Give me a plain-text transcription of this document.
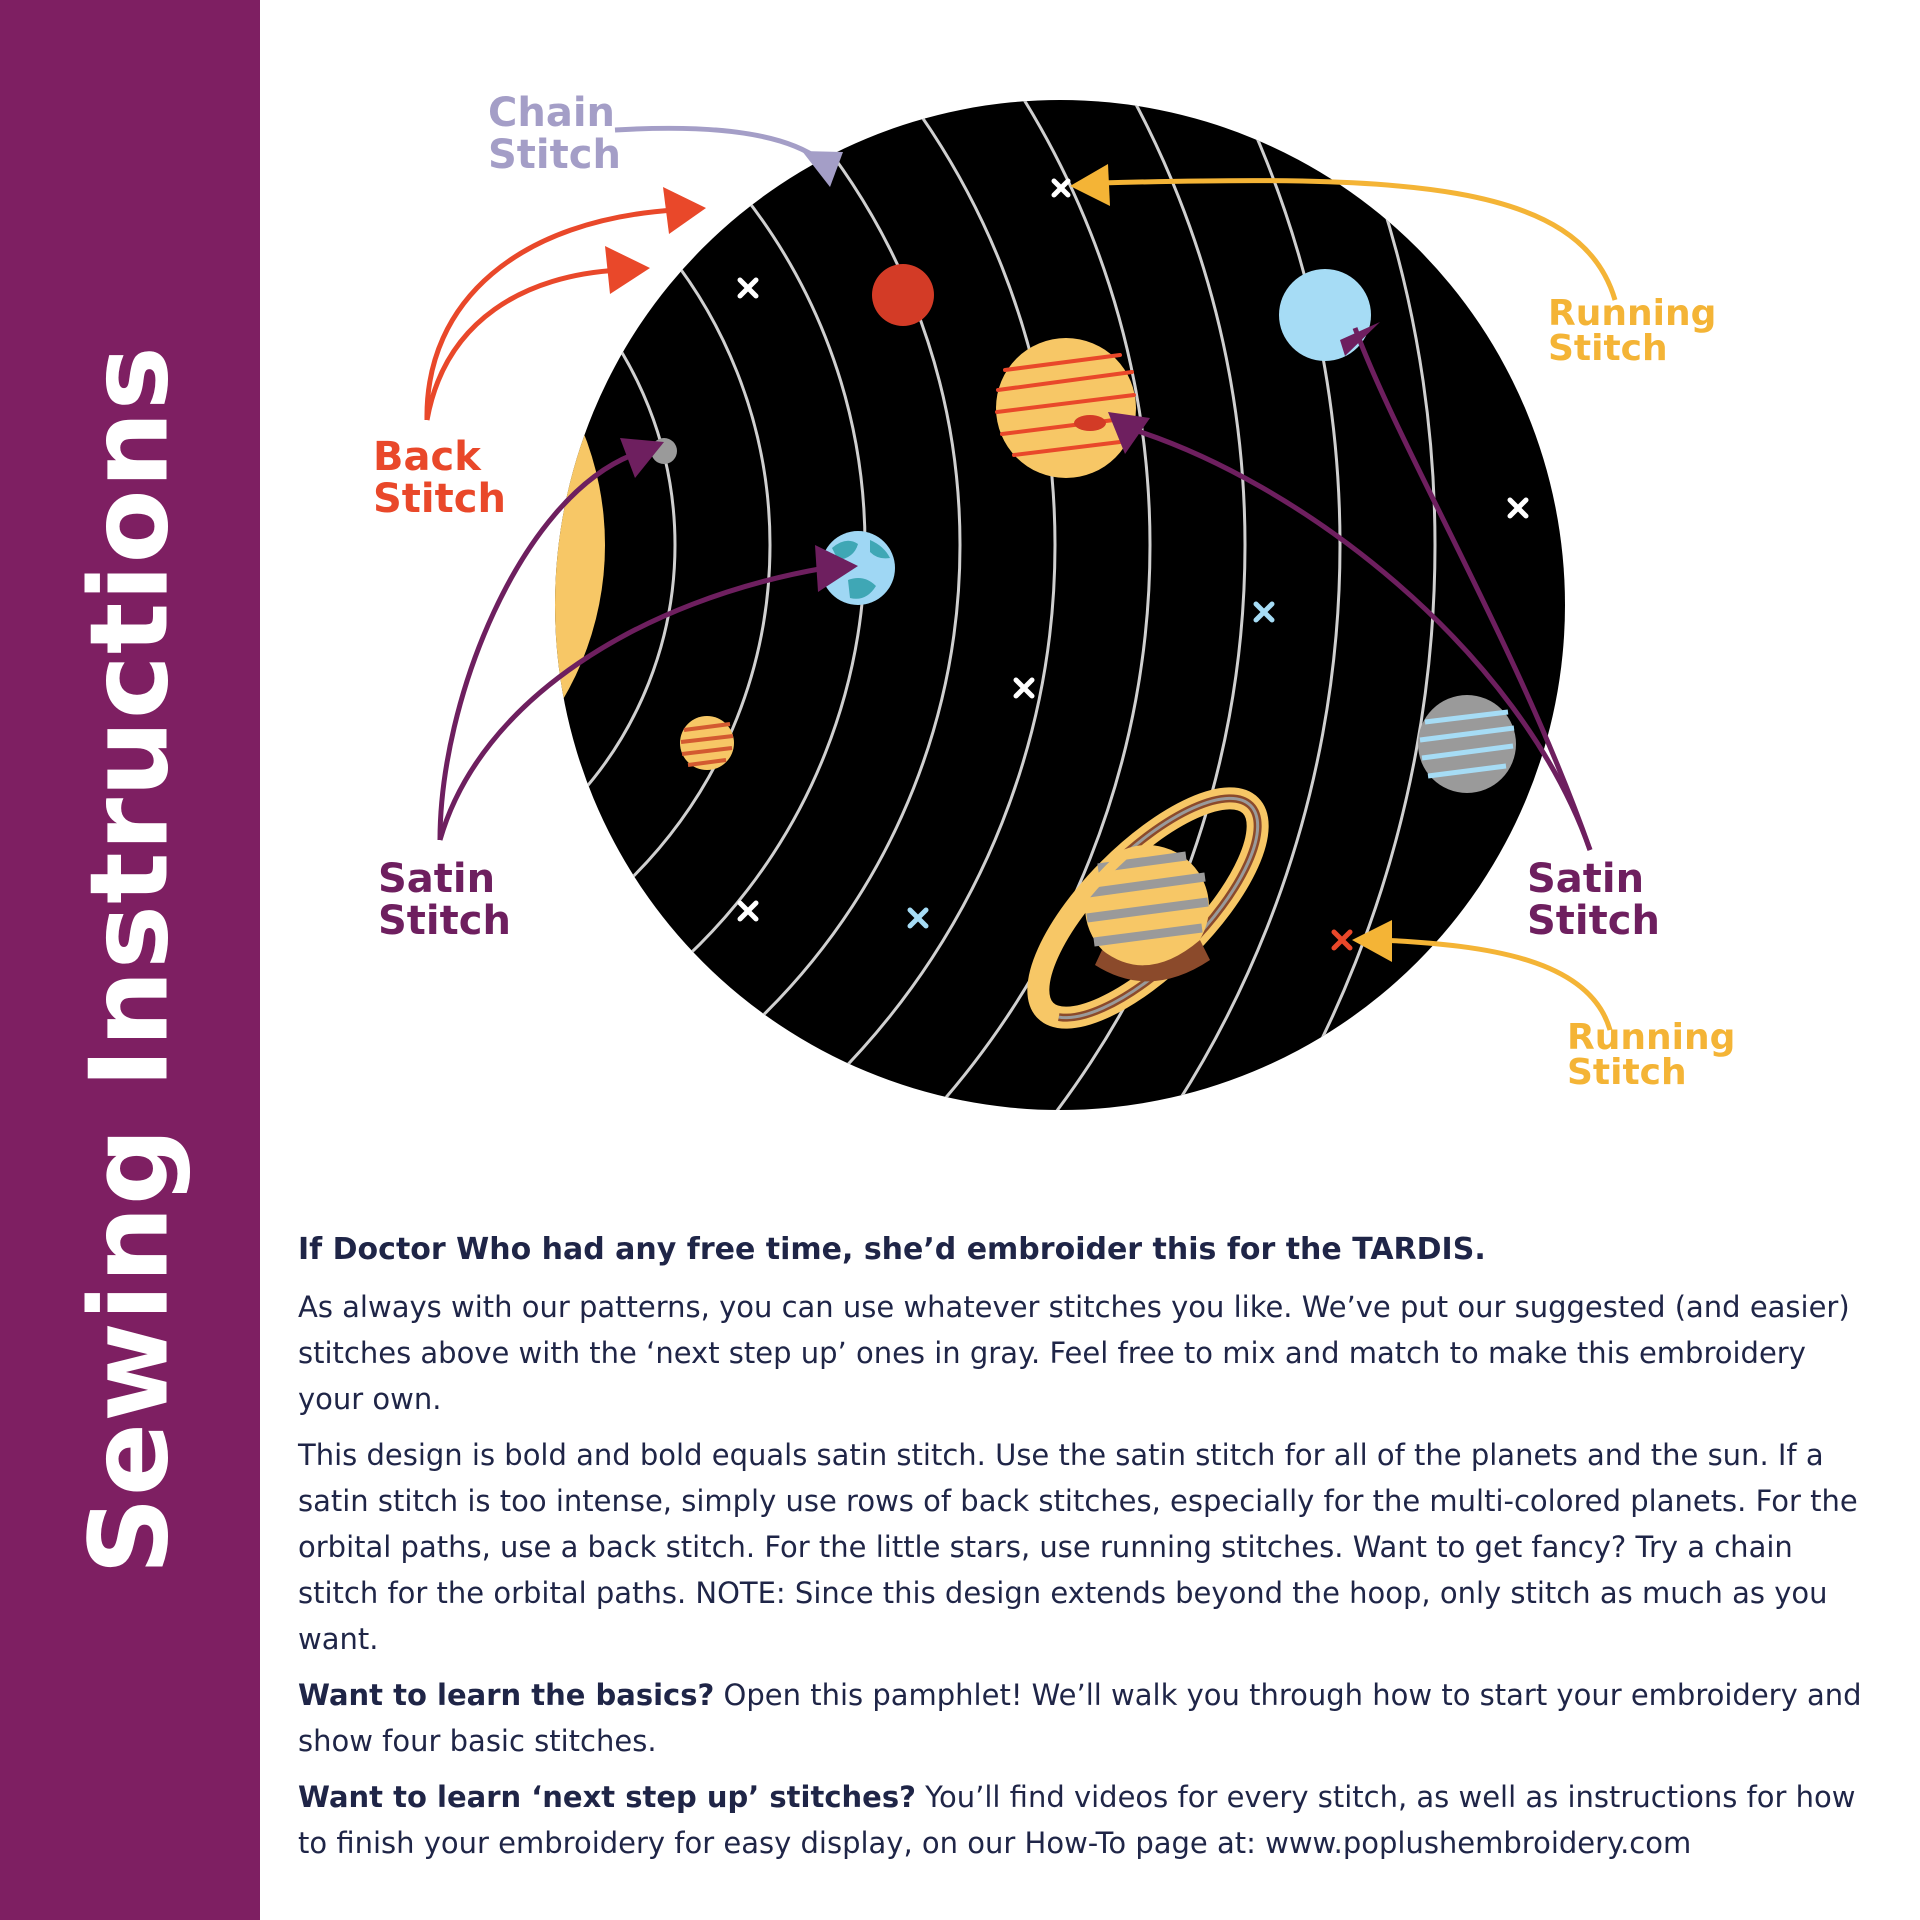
Sewing Instructions
Chain
Stitch
Back
Stitch
Satin
Stitch
Running
Stitch
Satin
Stitch
Running
Stitch
If Doctor Who had any free time, she’d embroider this for the TARDIS.

As always with our patterns, you can use whatever stitches you like. We’ve put our suggested (and easier) stitches above with the ‘next step up’ ones in gray. Feel free to mix and match to make this embroidery your own.

This design is bold and bold equals satin stitch. Use the satin stitch for all of the planets and the sun. If a satin stitch is too intense, simply use rows of back stitches, especially for the multi-colored planets. For the orbital paths, use a back stitch. For the little stars, use running stitches. Want to get fancy? Try a chain stitch for the orbital paths. NOTE: Since this design extends beyond the hoop, only stitch as much as you want.

Want to learn the basics? Open this pamphlet! We’ll walk you through how to start your embroidery and show four basic stitches.

Want to learn ‘next step up’ stitches? You’ll find videos for every stitch, as well as instructions for how to finish your embroidery for easy display, on our How-To page at: www.poplushembroidery.com
